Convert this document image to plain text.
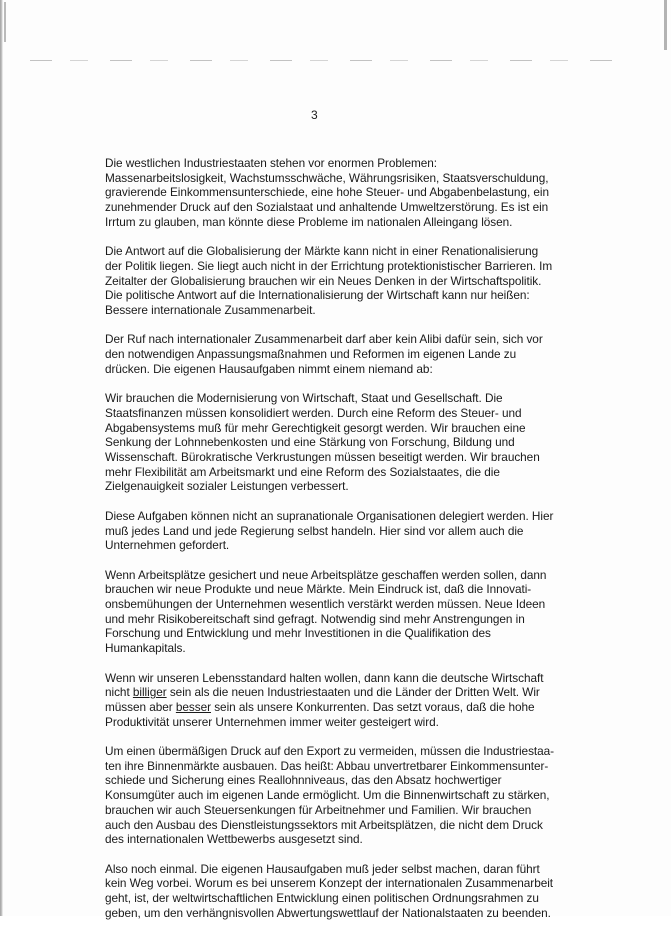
3
Die westlichen Industriestaaten stehen vor enormen Problemen:
Massenarbeitslosigkeit, Wachstumsschwäche, Währungsrisiken, Staatsverschuldung,
gravierende Einkommensunterschiede, eine hohe Steuer- und Abgabenbelastung, ein
zunehmender Druck auf den Sozialstaat und anhaltende Umweltzerstörung. Es ist ein
Irrtum zu glauben, man könnte diese Probleme im nationalen Alleingang lösen.
Die Antwort auf die Globalisierung der Märkte kann nicht in einer Renationalisierung
der Politik liegen. Sie liegt auch nicht in der Errichtung protektionistischer Barrieren. Im
Zeitalter der Globalisierung brauchen wir ein Neues Denken in der Wirtschaftspolitik.
Die politische Antwort auf die Internationalisierung der Wirtschaft kann nur heißen:
Bessere internationale Zusammenarbeit.
Der Ruf nach internationaler Zusammenarbeit darf aber kein Alibi dafür sein, sich vor
den notwendigen Anpassungsmaßnahmen und Reformen im eigenen Lande zu
drücken. Die eigenen Hausaufgaben nimmt einem niemand ab:
Wir brauchen die Modernisierung von Wirtschaft, Staat und Gesellschaft. Die
Staatsfinanzen müssen konsolidiert werden. Durch eine Reform des Steuer- und
Abgabensystems muß für mehr Gerechtigkeit gesorgt werden. Wir brauchen eine
Senkung der Lohnnebenkosten und eine Stärkung von Forschung, Bildung und
Wissenschaft. Bürokratische Verkrustungen müssen beseitigt werden. Wir brauchen
mehr Flexibilität am Arbeitsmarkt und eine Reform des Sozialstaates, die die
Zielgenauigkeit sozialer Leistungen verbessert.
Diese Aufgaben können nicht an supranationale Organisationen delegiert werden. Hier
muß jedes Land und jede Regierung selbst handeln. Hier sind vor allem auch die
Unternehmen gefordert.
Wenn Arbeitsplätze gesichert und neue Arbeitsplätze geschaffen werden sollen, dann
brauchen wir neue Produkte und neue Märkte. Mein Eindruck ist, daß die Innovati-
onsbemühungen der Unternehmen wesentlich verstärkt werden müssen. Neue Ideen
und mehr Risikobereitschaft sind gefragt. Notwendig sind mehr Anstrengungen in
Forschung und Entwicklung und mehr Investitionen in die Qualifikation des
Humankapitals.
Wenn wir unseren Lebensstandard halten wollen, dann kann die deutsche Wirtschaft
nicht billiger sein als die neuen Industriestaaten und die Länder der Dritten Welt. Wir
müssen aber besser sein als unsere Konkurrenten. Das setzt voraus, daß die hohe
Produktivität unserer Unternehmen immer weiter gesteigert wird.
Um einen übermäßigen Druck auf den Export zu vermeiden, müssen die Industriestaa-
ten ihre Binnenmärkte ausbauen. Das heißt: Abbau unvertretbarer Einkommensunter-
schiede und Sicherung eines Reallohnniveaus, das den Absatz hochwertiger
Konsumgüter auch im eigenen Lande ermöglicht. Um die Binnenwirtschaft zu stärken,
brauchen wir auch Steuersenkungen für Arbeitnehmer und Familien. Wir brauchen
auch den Ausbau des Dienstleistungssektors mit Arbeitsplätzen, die nicht dem Druck
des internationalen Wettbewerbs ausgesetzt sind.
Also noch einmal. Die eigenen Hausaufgaben muß jeder selbst machen, daran führt
kein Weg vorbei. Worum es bei unserem Konzept der internationalen Zusammenarbeit
geht, ist, der weltwirtschaftlichen Entwicklung einen politischen Ordnungsrahmen zu
geben, um den verhängnisvollen Abwertungswettlauf der Nationalstaaten zu beenden.
